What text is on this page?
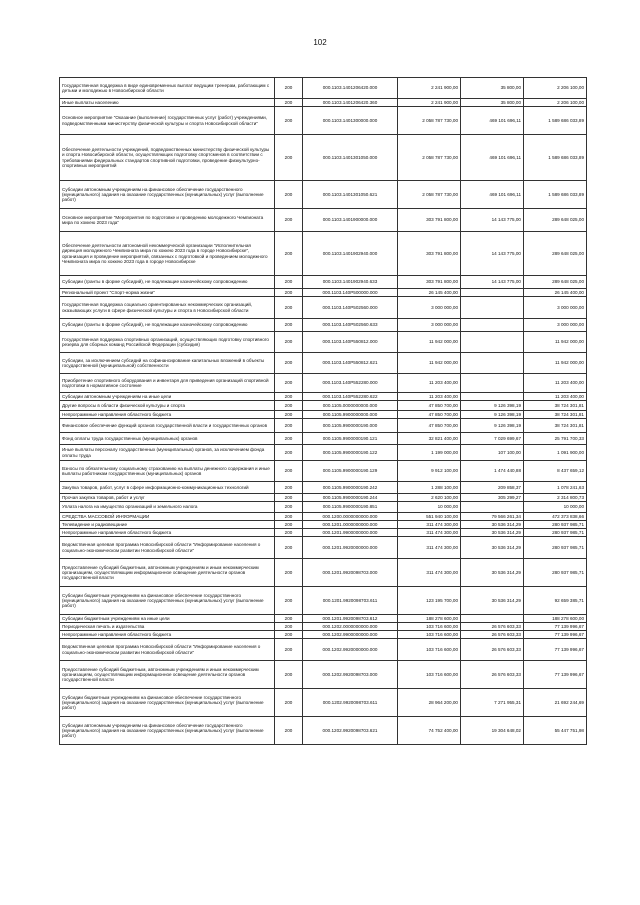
102
Государственная поддержка в виде единовременных выплат ведущим тренерам, работающим с детьми и молодежью в Новосибирской области	200	000.1103.1401206420.000	2 241 900,00	35 800,00	2 206 100,00
Иные выплаты населению	200	000.1103.1401206420.360	2 241 900,00	35 800,00	2 206 100,00
Основное мероприятие "Оказание (выполнение) государственных услуг (работ) учреждениями, подведомственными министерству физической культуры и спорта Новосибирской области"	200	000.1103.1401300000.000	2 058 787 730,00	469 101 696,11	1 589 686 033,89
Обеспечение деятельности учреждений, подведомственных министерству физической культуры и спорта Новосибирской области, осуществляющих подготовку спортсменов в соответствии с требованиями федеральных стандартов спортивной подготовки, проведение физкультурно-спортивных мероприятий	200	000.1103.1401301050.000	2 058 787 730,00	469 101 696,11	1 589 686 033,89
Субсидии автономным учреждениям на финансовое обеспечение государственного (муниципального) задания на оказание государственных (муниципальных) услуг (выполнение работ)	200	000.1103.1401301050.621	2 058 787 730,00	469 101 696,11	1 589 686 033,89
Основное мероприятие "Мероприятия по подготовке и проведению молодежного Чемпионата мира по хоккею 2023 года"	200	000.1103.1401900000.000	303 791 800,00	14 143 775,00	289 648 025,00
Обеспечение деятельности автономной некоммерческой организации "Исполнительная дирекция молодежного Чемпионата мира по хоккею 2023 года в городе Новосибирске", организация и проведение мероприятий, связанных с подготовкой и проведением молодежного Чемпионата мира по хоккею 2023 года в городе Новосибирске	200	000.1103.1401902940.000	303 791 800,00	14 143 775,00	289 648 025,00
Субсидии (гранты в форме субсидий), не подлежащие казначейскому сопровождению	200	000.1103.1401902940.633	303 791 800,00	14 143 775,00	289 648 025,00
Региональный проект "Спорт-норма жизни"	200	000.1103.140P500000.000	26 145 400,00		26 145 400,00
Государственная поддержка социально ориентированных некоммерческих организаций, оказывающих услуги в сфере физической культуры и спорта в Новосибирской области	200	000.1103.140P502560.000	3 000 000,00		3 000 000,00
Субсидии (гранты в форме субсидий), не подлежащие казначейскому сопровождению	200	000.1103.140P502560.633	3 000 000,00		3 000 000,00
Государственная поддержка спортивных организаций, осуществляющих подготовку спортивного резерва для сборных команд Российской Федерации (субсидия)	200	000.1103.140P550812.000	11 942 000,00		11 942 000,00
Субсидии, за исключением субсидий на софинансирование капитальных вложений в объекты государственной (муниципальной) собственности	200	000.1103.140P550812.621	11 942 000,00		11 942 000,00
Приобретение спортивного оборудования и инвентаря для приведения организаций спортивной подготовки в нормативное состояние	200	000.1103.140P552280.000	11 203 400,00		11 203 400,00
Субсидии автономным учреждениям на иные цели	200	000.1103.140P552280.622	11 203 400,00		11 203 400,00
Другие вопросы в области физической культуры и спорта	200	000.1105.0000000000.000	47 850 700,00	9 126 398,19	38 724 301,81
Непрограммные направления областного бюджета	200	000.1105.9900000000.000	47 850 700,00	9 126 398,19	38 724 301,81
Финансовое обеспечение функций органов государственной власти и государственных органов	200	000.1105.9900000190.000	47 850 700,00	9 126 398,19	38 724 301,81
Фонд оплаты труда государственных (муниципальных) органов	200	000.1105.9900000190.121	32 821 400,00	7 029 699,67	25 791 700,33
Иные выплаты персоналу государственных (муниципальных) органов, за исключением фонда оплаты труда	200	000.1105.9900000190.122	1 199 000,00	107 100,00	1 091 900,00
Взносы по обязательному социальному страхованию на выплаты денежного содержания и иные выплаты работникам государственных (муниципальных) органов	200	000.1105.9900000190.129	9 912 100,00	1 474 440,88	8 437 659,12
Закупка товаров, работ, услуг в сфере информационно-коммуникационных технологий	200	000.1105.9900000190.242	1 288 100,00	209 858,37	1 078 241,63
Прочая закупка товаров, работ и услуг	200	000.1105.9900000190.244	2 620 100,00	305 299,27	2 314 800,73
Уплата налога на имущество организаций и земельного налога	200	000.1105.9900000190.851	10 000,00		10 000,00
СРЕДСТВА МАССОВОЙ ИНФОРМАЦИИ	200	000.1200.0000000000.000	551 940 100,00	79 566 261,34	472 373 838,66
Телевидение и радиовещание	200	000.1201.0000000000.000	311 474 300,00	30 536 314,29	280 937 985,71
Непрограммные направления областного бюджета	200	000.1201.9900000000.000	311 474 300,00	30 536 314,29	280 937 985,71
Ведомственная целевая программа Новосибирской области "Информирование населения о социально-экономическом развитии Новосибирской области"	200	000.1201.9920000000.000	311 474 300,00	30 536 314,29	280 937 985,71
Предоставление субсидий бюджетным, автономным учреждениям и иным некоммерческим организациям, осуществляющим информационное освещение деятельности органов государственной власти	200	000.1201.9920098703.000	311 474 300,00	30 536 314,29	280 937 985,71
Субсидии бюджетным учреждениям на финансовое обеспечение государственного (муниципального) задания на оказание государственных (муниципальных) услуг (выполнение работ)	200	000.1201.9920098703.611	123 195 700,00	30 536 314,29	92 659 385,71
Субсидии бюджетным учреждениям на иные цели	200	000.1201.9920098703.612	188 278 600,00		188 278 600,00
Периодическая печать и издательства	200	000.1202.0000000000.000	103 716 600,00	26 576 603,33	77 139 996,67
Непрограммные направления областного бюджета	200	000.1202.9900000000.000	103 716 600,00	26 576 603,33	77 139 996,67
Ведомственная целевая программа Новосибирской области "Информирование населения о социально-экономическом развитии Новосибирской области"	200	000.1202.9920000000.000	103 716 600,00	26 576 603,33	77 139 996,67
Предоставление субсидий бюджетным, автономным учреждениям и иным некоммерческим организациям, осуществляющим информационное освещение деятельности органов государственной власти	200	000.1202.9920098703.000	103 716 600,00	26 576 603,33	77 139 996,67
Субсидии бюджетным учреждениям на финансовое обеспечение государственного (муниципального) задания на оказание государственных (муниципальных) услуг (выполнение работ)	200	000.1202.9920098703.611	28 964 200,00	7 271 955,31	21 692 244,69
Субсидии автономным учреждениям на финансовое обеспечение государственного (муниципального) задания на оказание государственных (муниципальных) услуг (выполнение работ)	200	000.1202.9920098703.621	74 752 400,00	19 304 648,02	55 447 751,98
